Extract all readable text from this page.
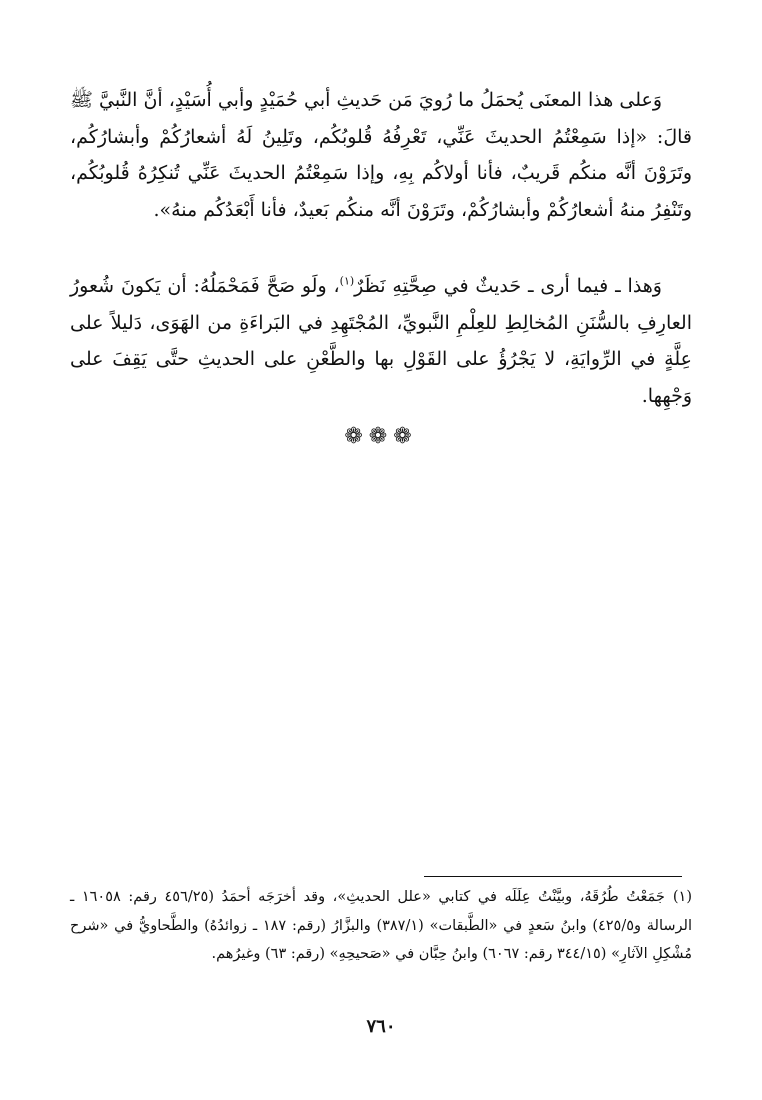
وَعلى هذا المعنَى يُحمَلُ ما رُويَ مَن حَديثِ أبي حُمَيْدٍ وأبي أُسَيْدٍ، أنَّ النَّبيَّ ﷺ قالَ: «إذا سَمِعْتُمُ الحديثَ عَنِّي، تَعْرِفُهُ قُلوبُكُم، وتَلِينُ لَهُ أشعارُكُمْ وأبشارُكُم، وتَرَوْنَ أنَّه منكُم قَريبٌ، فأنا أولاكُم بِهِ، وإذا سَمِعْتُمُ الحديثَ عَنِّي تُنكِرُهُ قُلوبُكُم، وتَنْفِرُ منهُ أشعارُكُمْ وأبشارُكُمْ، وتَرَوْنَ أنَّه منكُم بَعيدٌ، فأنا أَبْعَدُكُم منهُ».

وَهذا ـ فيما أرى ـ حَديثٌ في صِحَّتِهِ نَظَرٌ$^{(١)}$، ولَو صَحَّ فَمَحْمَلُهُ: أن يَكونَ شُعورُ العارِفِ بالسُّنَنِ المُخالِطِ للعِلْمِ النَّبويِّ، المُجْتَهِدِ في البَراءَةِ من الهَوَى، دَليلاً على عِلَّةٍ في الرِّوايَةِ، لا يَجْرُؤُ على القَوْلِ بها والطَّعْنِ على الحديثِ حتَّى يَقِفَ على وَجْهِها.

❁❁❁
(١)جَمَعْتُ طُرُقَهُ، وبيَّنْتُ عِلَلَه في كتابي «علل الحديثِ»، وقد أخرَجَه أحمَدُ (٤٥٦/٢٥ رقم: ١٦٠٥٨ ـ الرسالة و٤٢٥/٥) وابنُ سَعدٍ في «الطَّبقات» (٣٨٧/١) والبزَّارُ (رقم: ١٨٧ ـ زوائدُهُ) والطَّحاويُّ في «شرح مُشْكِلِ الآثارِ» (٣٤٤/١٥ رقم: ٦٠٦٧) وابنُ حِبَّان في «صَحيحِهِ» (رقم: ٦٣) وغيرُهم.
٧٦٠
